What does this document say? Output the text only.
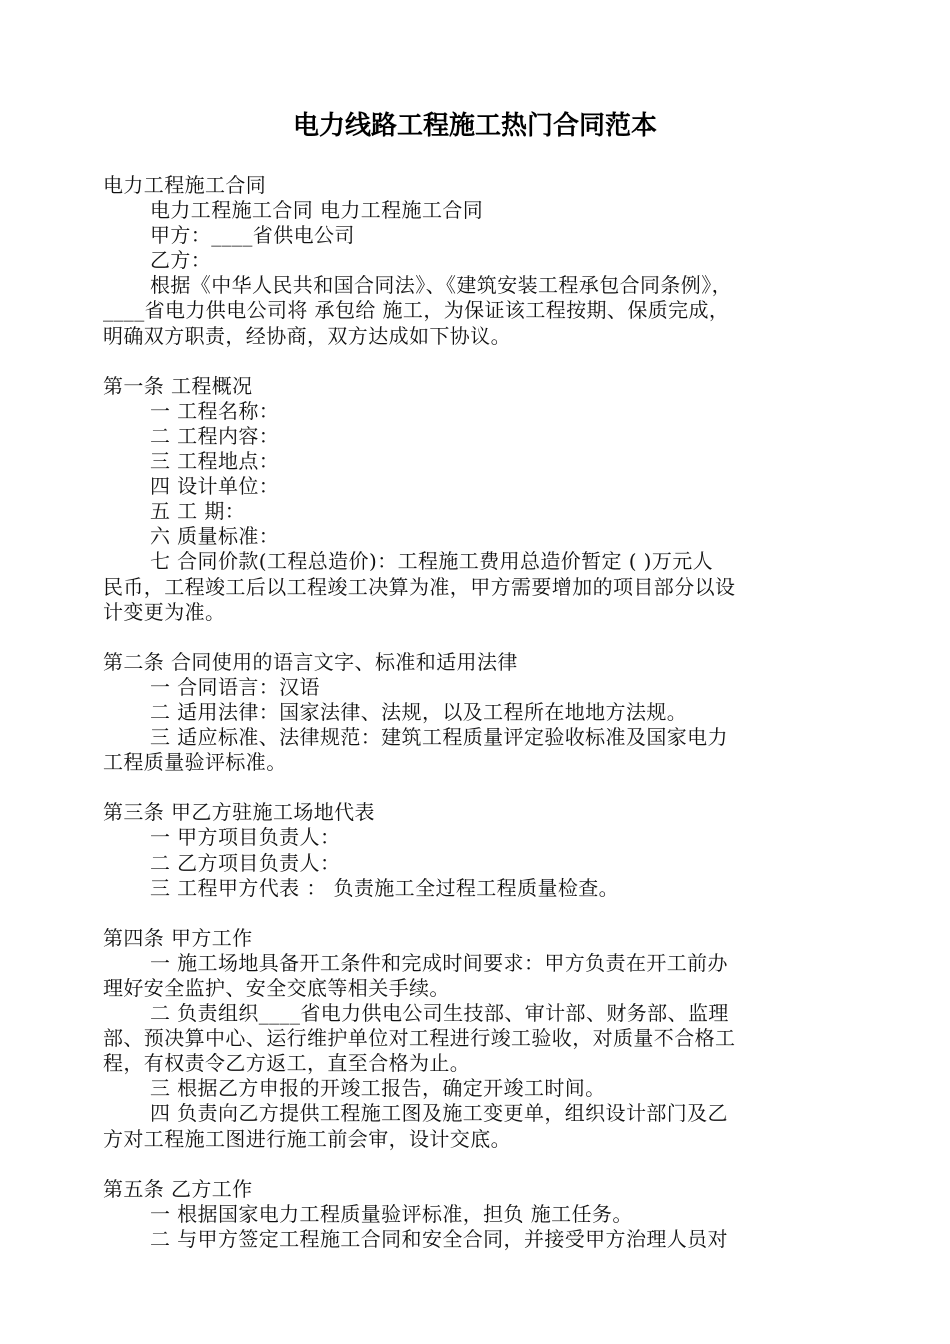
电力线路工程施工热门合同范本
电力工程施工合同
电力工程施工合同 电力工程施工合同
甲方：____省供电公司
乙方：
根据《中华人民共和国合同法》、《建筑安装工程承包合同条例》，
____省电力供电公司将 承包给 施工，为保证该工程按期、保质完成，
明确双方职责，经协商，双方达成如下协议。
第一条 工程概况
一 工程名称：
二 工程内容：
三 工程地点：
四 设计单位：
五 工 期：
六 质量标准：
七 合同价款(工程总造价)：工程施工费用总造价暂定 ( )万元人
民币，工程竣工后以工程竣工决算为准，甲方需要增加的项目部分以设
计变更为准。
第二条 合同使用的语言文字、标准和适用法律
一 合同语言：汉语
二 适用法律：国家法律、法规，以及工程所在地地方法规。
三 适应标准、法律规范：建筑工程质量评定验收标准及国家电力
工程质量验评标准。
第三条 甲乙方驻施工场地代表
一 甲方项目负责人：
二 乙方项目负责人：
三 工程甲方代表 ： 负责施工全过程工程质量检查。
第四条 甲方工作
一 施工场地具备开工条件和完成时间要求：甲方负责在开工前办
理好安全监护、安全交底等相关手续。
二 负责组织____省电力供电公司生技部、审计部、财务部、监理
部、预决算中心、运行维护单位对工程进行竣工验收，对质量不合格工
程，有权责令乙方返工，直至合格为止。
三 根据乙方申报的开竣工报告，确定开竣工时间。
四 负责向乙方提供工程施工图及施工变更单，组织设计部门及乙
方对工程施工图进行施工前会审，设计交底。
第五条 乙方工作
一 根据国家电力工程质量验评标准，担负 施工任务。
二 与甲方签定工程施工合同和安全合同，并接受甲方治理人员对
